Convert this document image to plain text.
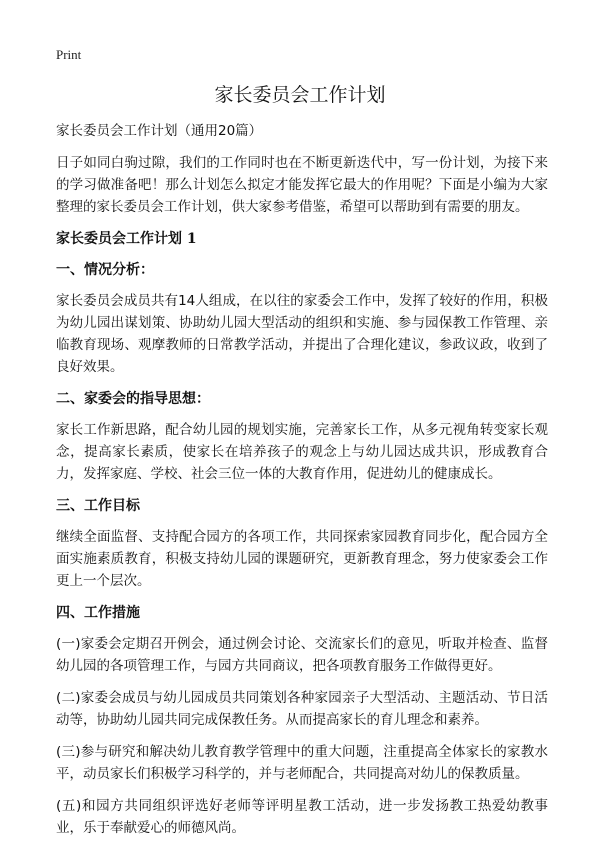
Print
家长委员会工作计划
家长委员会工作计划（通用20篇）

日子如同白驹过隙，我们的工作同时也在不断更新迭代中，写一份计划，为接下来的学习做准备吧！那么计划怎么拟定才能发挥它最大的作用呢？下面是小编为大家整理的家长委员会工作计划，供大家参考借鉴，希望可以帮助到有需要的朋友。

家长委员会工作计划 1
一、情况分析：

家长委员会成员共有14人组成，在以往的家委会工作中，发挥了较好的作用，积极为幼儿园出谋划策、协助幼儿园大型活动的组织和实施、参与园保教工作管理、亲临教育现场、观摩教师的日常教学活动，并提出了合理化建议，参政议政，收到了良好效果。

二、家委会的指导思想：

家长工作新思路，配合幼儿园的规划实施，完善家长工作，从多元视角转变家长观念，提高家长素质，使家长在培养孩子的观念上与幼儿园达成共识，形成教育合力，发挥家庭、学校、社会三位一体的大教育作用，促进幼儿的健康成长。

三、工作目标

继续全面监督、支持配合园方的各项工作，共同探索家园教育同步化，配合园方全面实施素质教育，积极支持幼儿园的课题研究，更新教育理念，努力使家委会工作更上一个层次。

四、工作措施

(一)家委会定期召开例会，通过例会讨论、交流家长们的意见，听取并检查、监督幼儿园的各项管理工作，与园方共同商议，把各项教育服务工作做得更好。

(二)家委会成员与幼儿园成员共同策划各种家园亲子大型活动、主题活动、节日活动等，协助幼儿园共同完成保教任务。从而提高家长的育儿理念和素养。

(三)参与研究和解决幼儿教育教学管理中的重大问题，注重提高全体家长的家教水平，动员家长们积极学习科学的，并与老师配合，共同提高对幼儿的保教质量。

(五)和园方共同组织评选好老师等评明星教工活动，进一步发扬教工热爱幼教事业，乐于奉献爱心的师德风尚。
